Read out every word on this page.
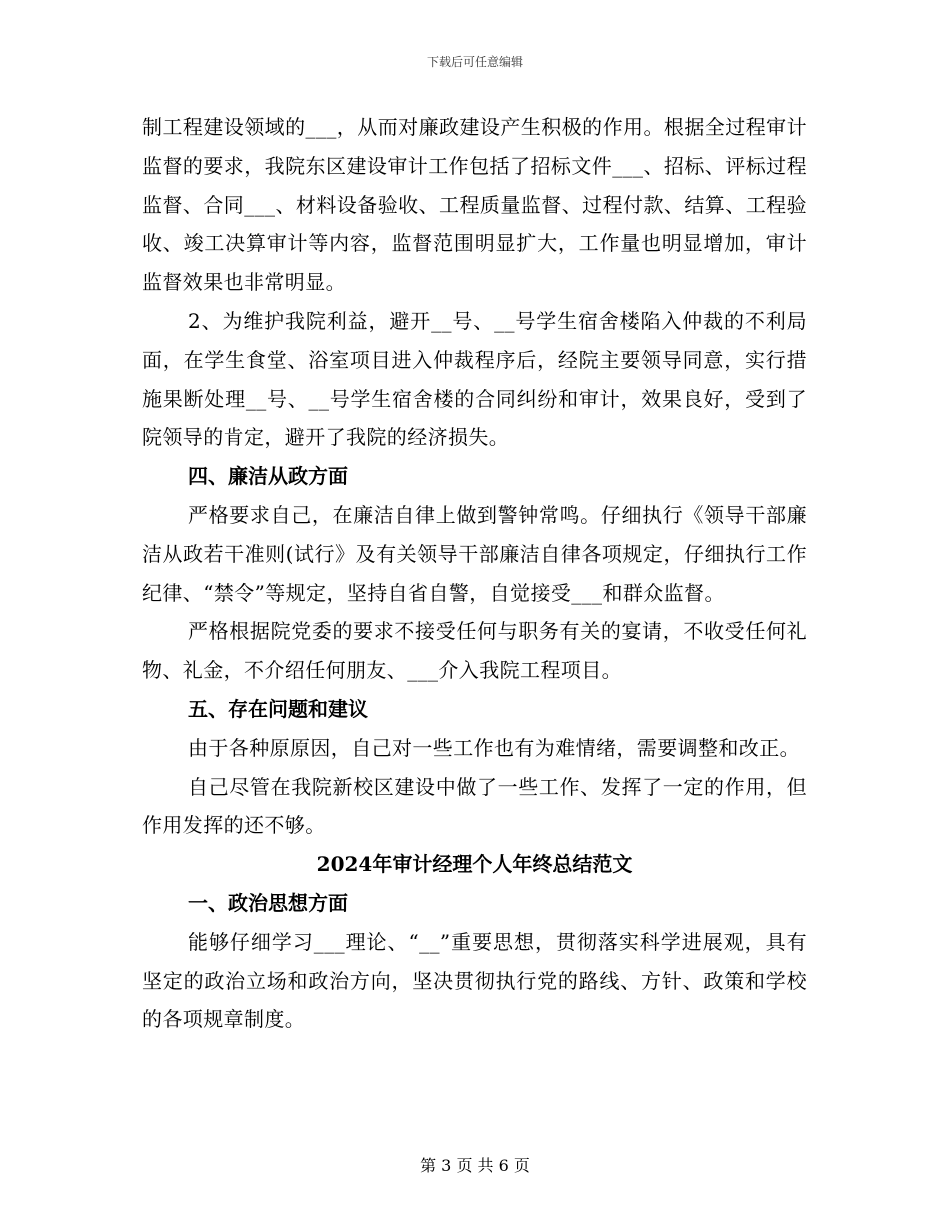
下载后可任意编辑

制工程建设领域的___，从而对廉政建设产生积极的作用。根据全过程审计监督的要求，我院东区建设审计工作包括了招标文件___、招标、评标过程监督、合同___、材料设备验收、工程质量监督、过程付款、结算、工程验收、竣工决算审计等内容，监督范围明显扩大，工作量也明显增加，审计监督效果也非常明显。

2、为维护我院利益，避开__号、__号学生宿舍楼陷入仲裁的不利局面，在学生食堂、浴室项目进入仲裁程序后，经院主要领导同意，实行措施果断处理__号、__号学生宿舍楼的合同纠纷和审计，效果良好，受到了院领导的肯定，避开了我院的经济损失。

四、廉洁从政方面

严格要求自己，在廉洁自律上做到警钟常鸣。仔细执行《领导干部廉洁从政若干准则(试行》及有关领导干部廉洁自律各项规定，仔细执行工作纪律、“禁令”等规定，坚持自省自警，自觉接受___和群众监督。

严格根据院党委的要求不接受任何与职务有关的宴请，不收受任何礼物、礼金，不介绍任何朋友、___介入我院工程项目。

五、存在问题和建议

由于各种原原因，自己对一些工作也有为难情绪，需要调整和改正。

自己尽管在我院新校区建设中做了一些工作、发挥了一定的作用，但作用发挥的还不够。

2024年审计经理个人年终总结范文

一、政治思想方面

能够仔细学习___理论、“__”重要思想，贯彻落实科学进展观，具有坚定的政治立场和政治方向，坚决贯彻执行党的路线、方针、政策和学校的各项规章制度。

第 3 页 共 6 页
